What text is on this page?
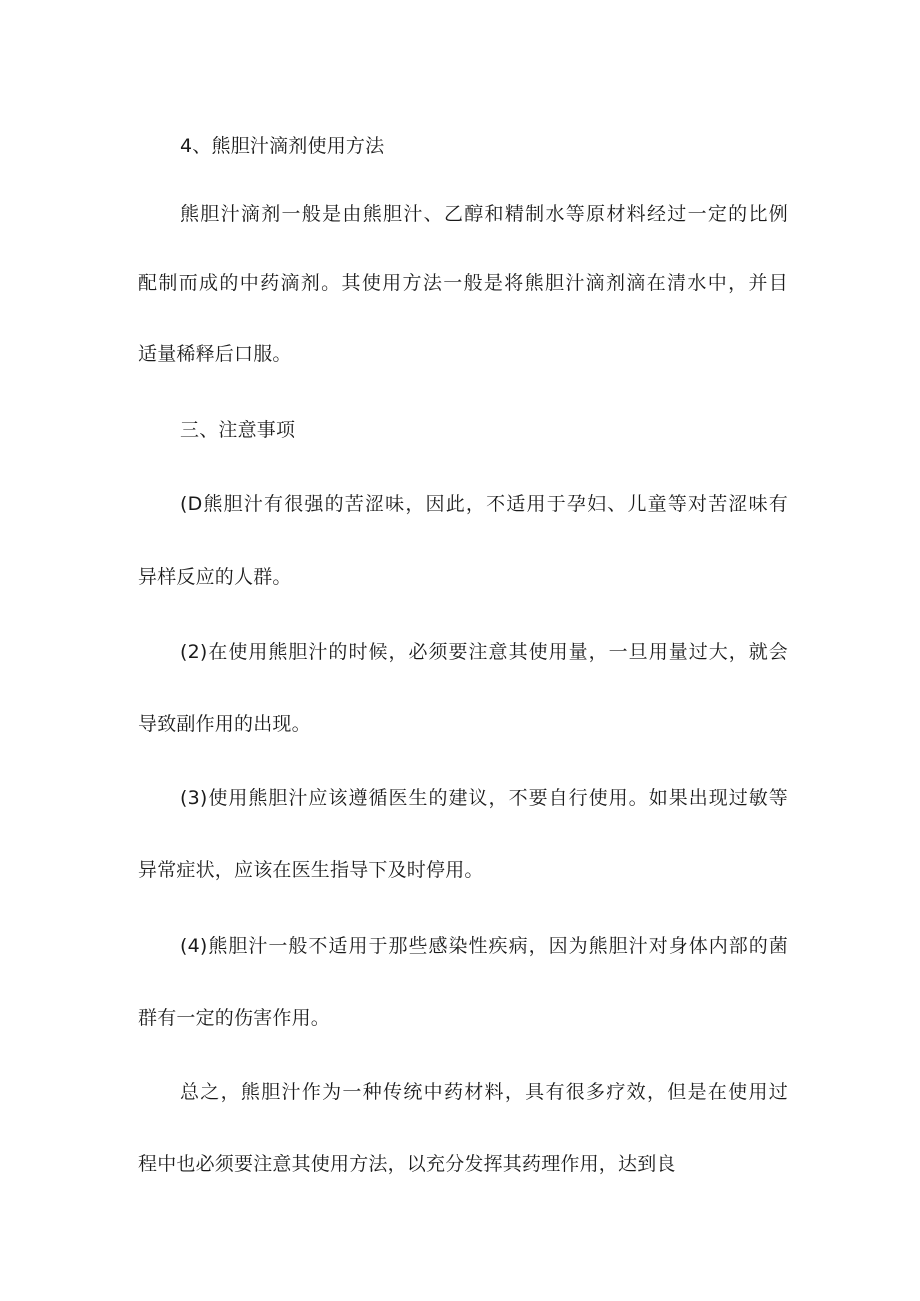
4、熊胆汁滴剂使用方法
熊胆汁滴剂一般是由熊胆汁、乙醇和精制水等原材料经过一定的比例
配制而成的中药滴剂。其使用方法一般是将熊胆汁滴剂滴在清水中，并目
适量稀释后口服。
三、注意事项
(D熊胆汁有很强的苦涩味，因此，不适用于孕妇、儿童等对苦涩味有
异样反应的人群。
(2)在使用熊胆汁的时候，必须要注意其使用量，一旦用量过大，就会
导致副作用的出现。
(3)使用熊胆汁应该遵循医生的建议，不要自行使用。如果出现过敏等
异常症状，应该在医生指导下及时停用。
(4)熊胆汁一般不适用于那些感染性疾病，因为熊胆汁对身体内部的菌
群有一定的伤害作用。
总之，熊胆汁作为一种传统中药材料，具有很多疗效，但是在使用过
程中也必须要注意其使用方法，以充分发挥其药理作用，达到良
